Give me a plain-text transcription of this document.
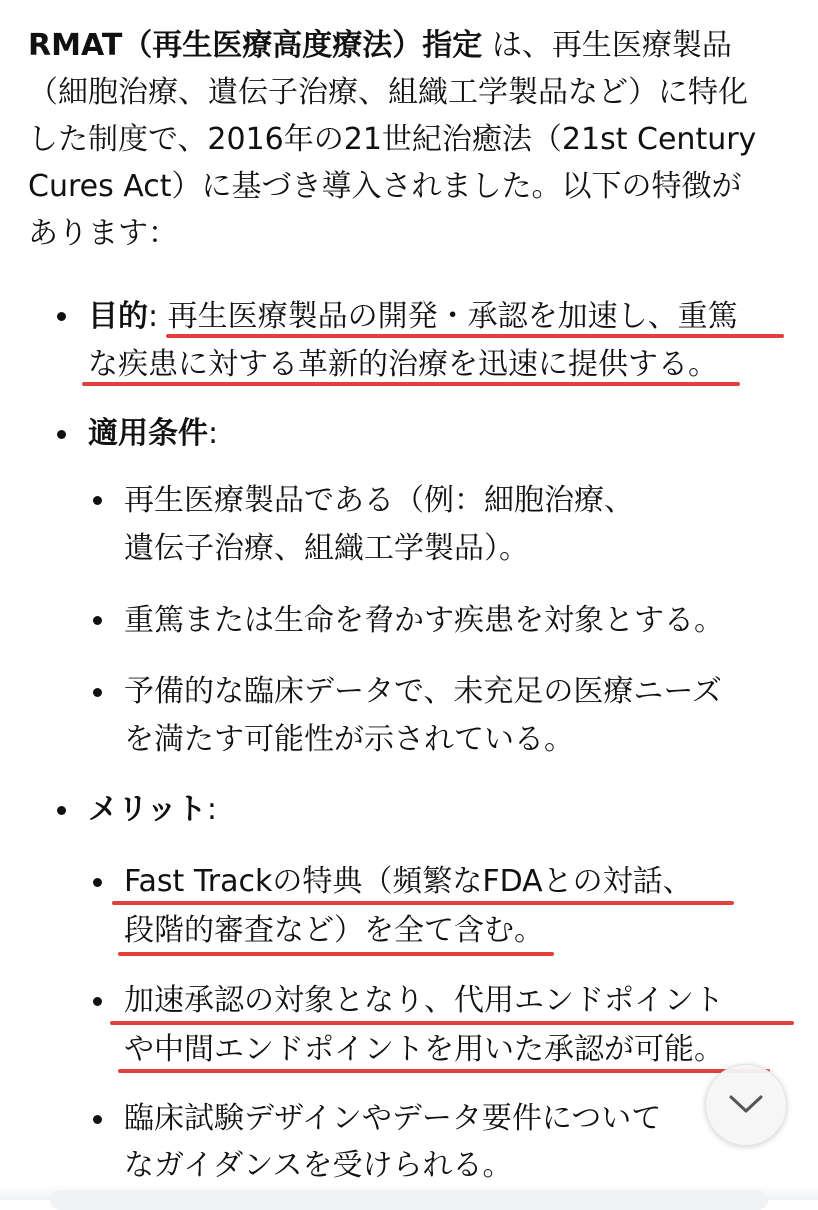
RMAT（再生医療高度療法）指定 は、再生医療製品
（細胞治療、遺伝子治療、組織工学製品など）に特化
した制度で、2016年の21世紀治癒法（21st Century
Cures Act）に基づき導入されました。以下の特徴が
あります：
目的: 再生医療製品の開発・承認を加速し、重篤
な疾患に対する革新的治療を迅速に提供する。
適用条件:
再生医療製品である（例：細胞治療、
遺伝子治療、組織工学製品）。
重篤または生命を脅かす疾患を対象とする。
予備的な臨床データで、未充足の医療ニーズ
を満たす可能性が示されている。
メリット:
Fast Trackの特典（頻繁なFDAとの対話、
段階的審査など）を全て含む。
加速承認の対象となり、代用エンドポイント
や中間エンドポイントを用いた承認が可能。
臨床試験デザインやデータ要件について
なガイダンスを受けられる。
